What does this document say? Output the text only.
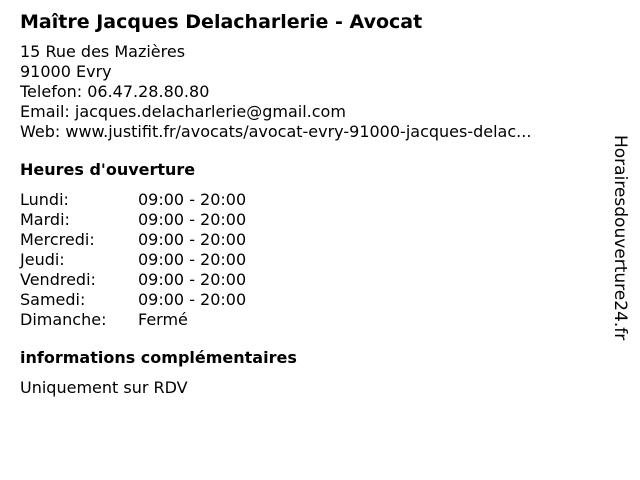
Maître Jacques Delacharlerie - Avocat
15 Rue des Mazières
91000 Evry
Telefon: 06.47.28.80.80
Email: jacques.delacharlerie@gmail.com
Web: www.justifit.fr/avocats/avocat-evry-91000-jacques-delac...
Heures d'ouverture
Lundi:	09:00 - 20:00
Mardi:	09:00 - 20:00
Mercredi:	09:00 - 20:00
Jeudi:	09:00 - 20:00
Vendredi:	09:00 - 20:00
Samedi:	09:00 - 20:00
Dimanche:	Fermé
informations complémentaires
Uniquement sur RDV
Horairesdouverture24.fr
